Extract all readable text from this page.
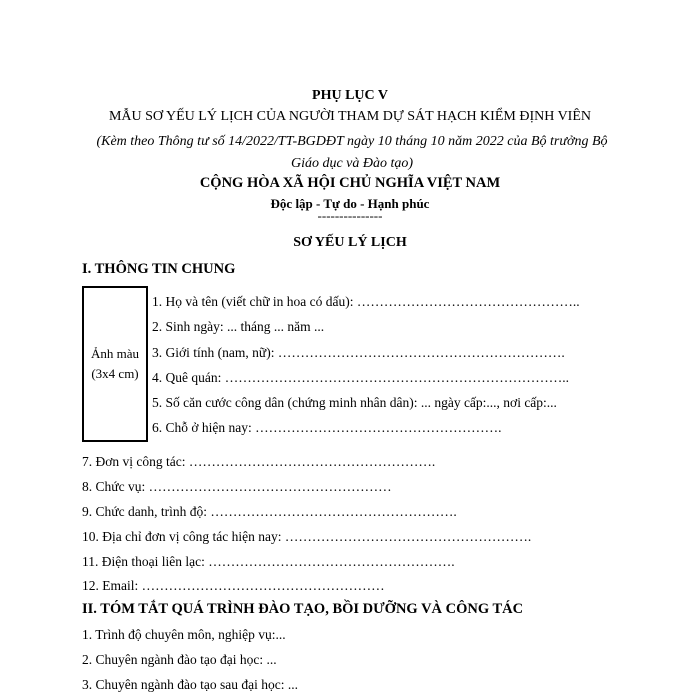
PHỤ LỤC V
MẪU SƠ YẾU LÝ LỊCH CỦA NGƯỜI THAM DỰ SÁT HẠCH KIỂM ĐỊNH VIÊN
(Kèm theo Thông tư số 14/2022/TT-BGDĐT ngày 10 tháng 10 năm 2022 của Bộ trưởng Bộ Giáo dục và Đào tạo)
CỘNG HÒA XÃ HỘI CHỦ NGHĨA VIỆT NAM
Độc lập - Tự do - Hạnh phúc
---------------
SƠ YẾU LÝ LỊCH
I. THÔNG TIN CHUNG
Ảnh màu
(3x4 cm)
1. Họ và tên (viết chữ in hoa có dấu): …………………………………………..
2. Sinh ngày: ... tháng ... năm ...
3. Giới tính (nam, nữ): ……………………………………………………….
4. Quê quán: …………………………………………………………………..
5. Số căn cước công dân (chứng minh nhân dân): ... ngày cấp:..., nơi cấp:...
6. Chỗ ở hiện nay: ……………………………………………….
7. Đơn vị công tác: ……………………………………………….
8. Chức vụ: ………………………………………………
9. Chức danh, trình độ: ……………………………………………….
10. Địa chỉ đơn vị công tác hiện nay: ……………………………………………….
11. Điện thoại liên lạc: ……………………………………………….
12. Email: ………………………………………………
II. TÓM TẮT QUÁ TRÌNH ĐÀO TẠO, BỒI DƯỠNG VÀ CÔNG TÁC
1. Trình độ chuyên môn, nghiệp vụ:...
2. Chuyên ngành đào tạo đại học: ...
3. Chuyên ngành đào tạo sau đại học: ...
